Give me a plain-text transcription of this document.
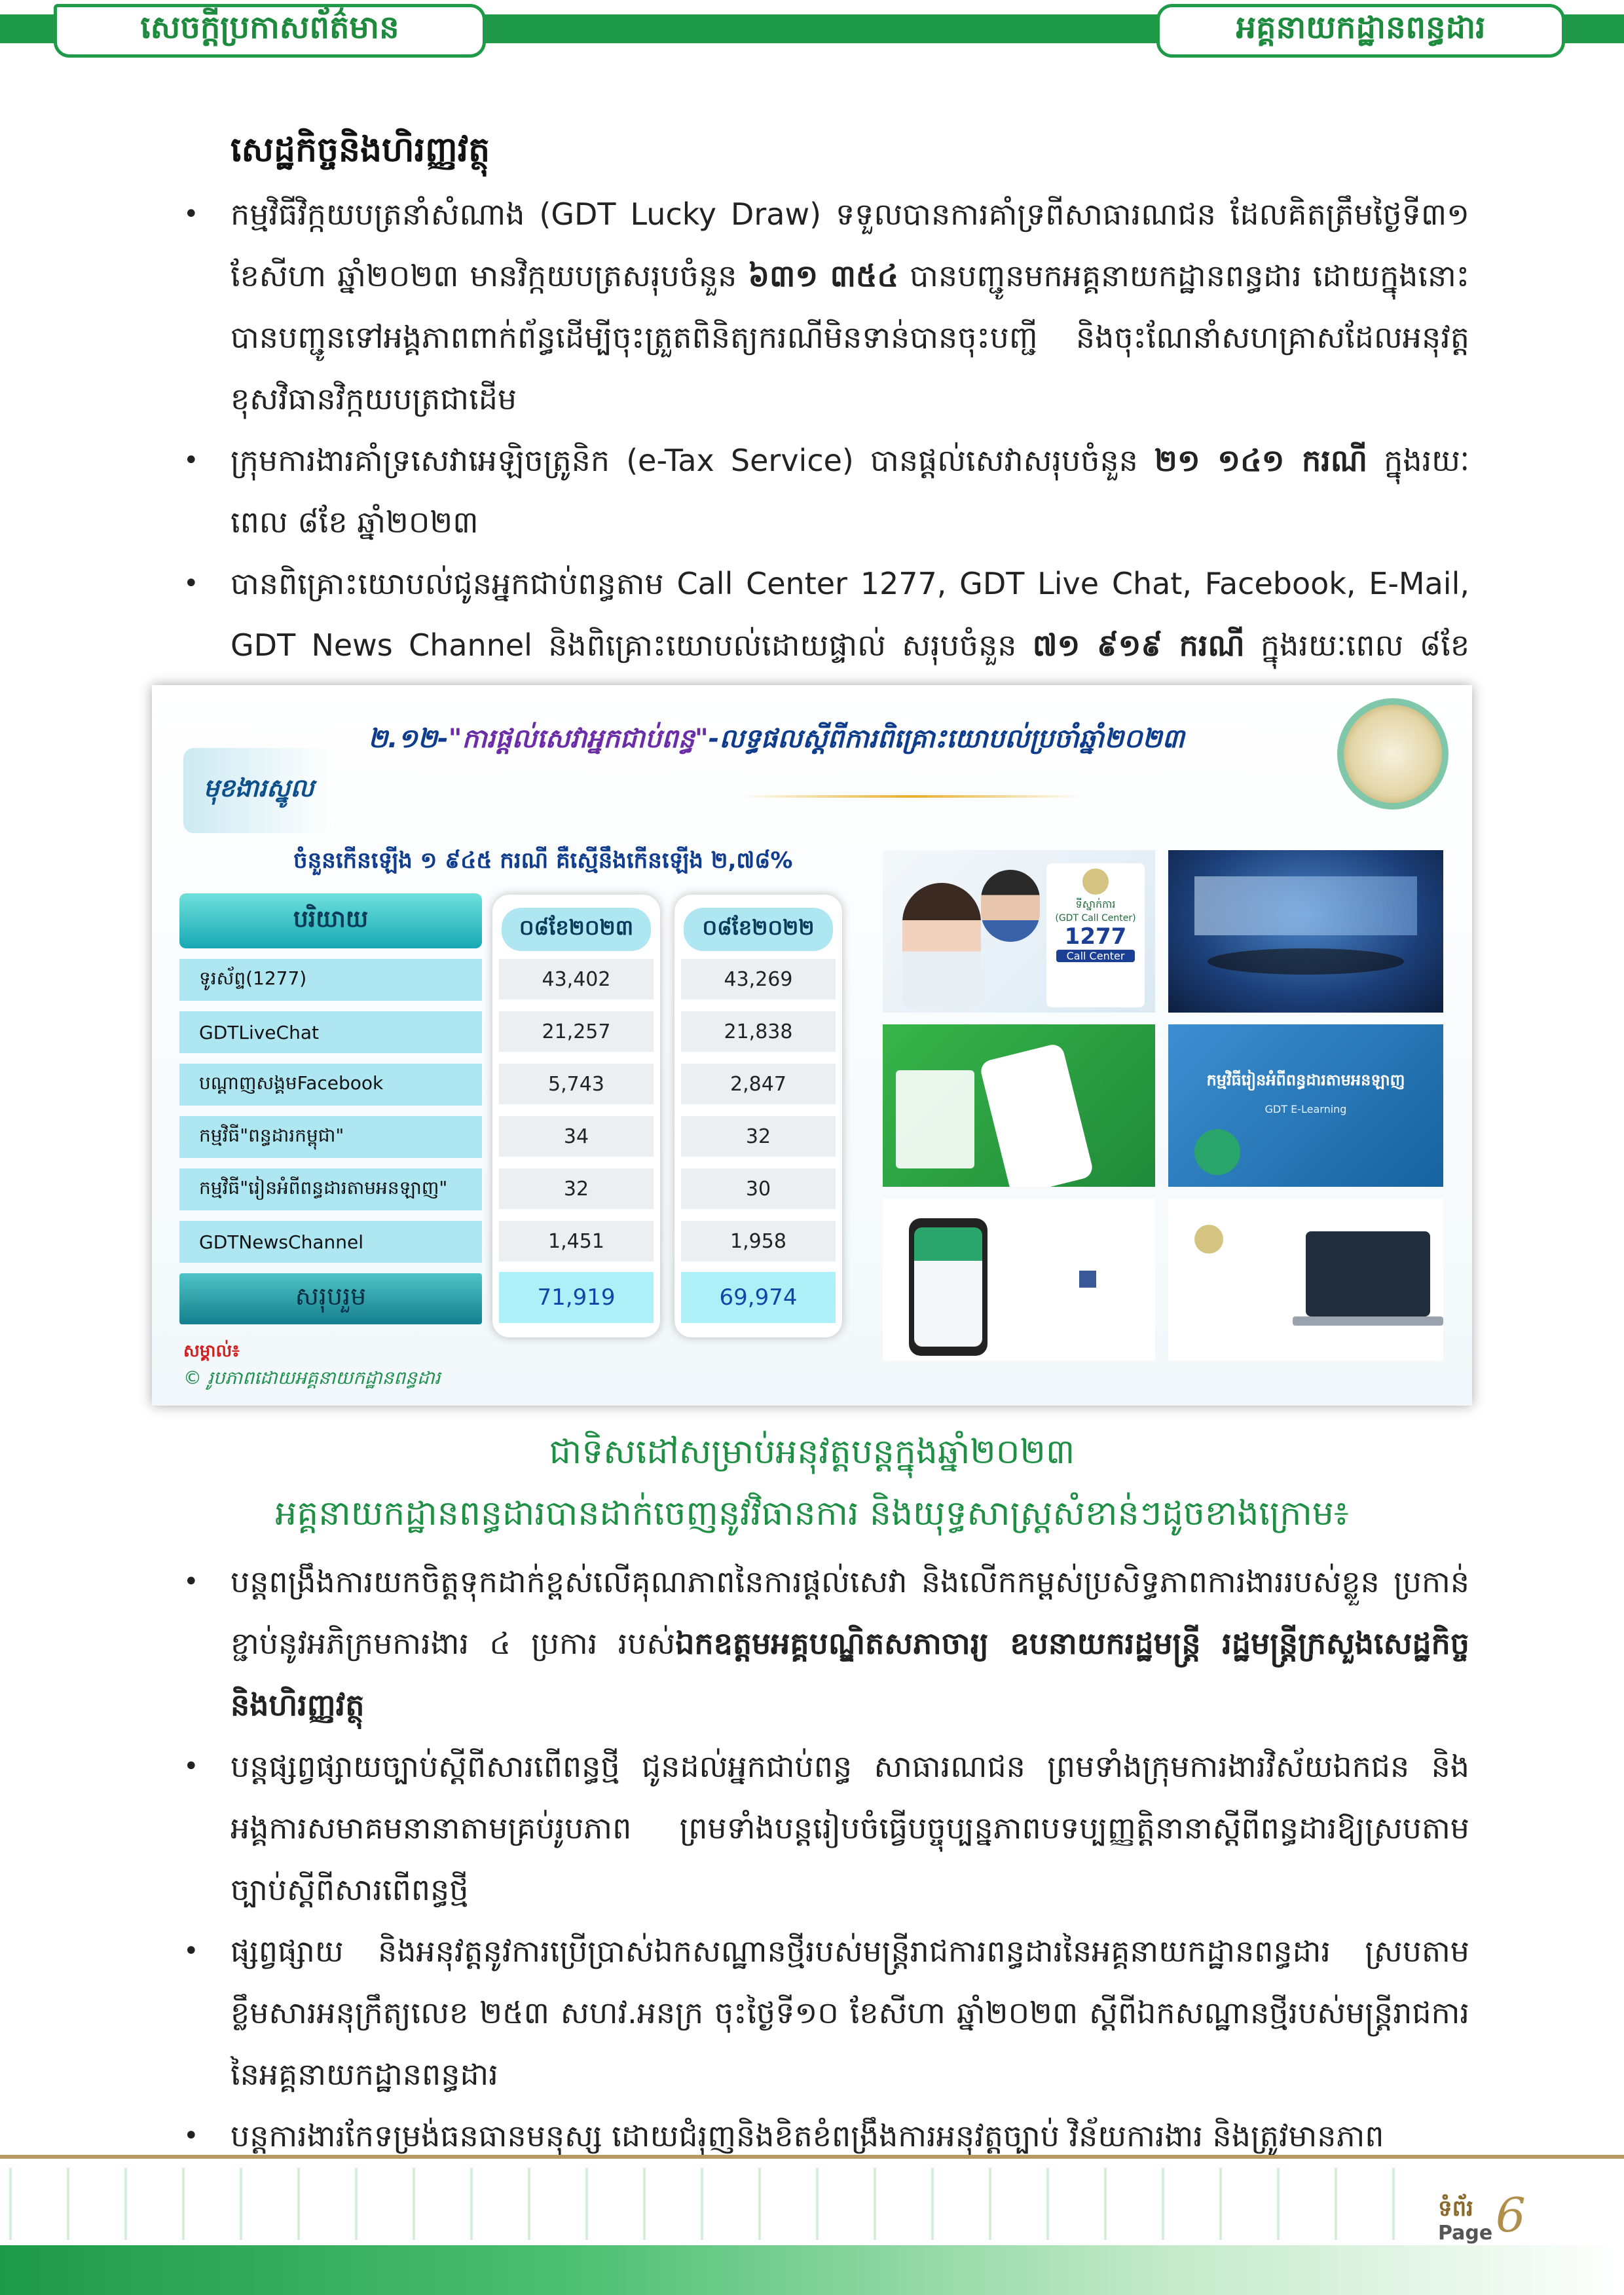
សេចក្តីប្រកាសព័ត៌មាន	អគ្គនាយកដ្ឋានពន្ធដារ
សេដ្ឋកិច្ចនិងហិរញ្ញវត្ថុ
• កម្មវិធីវិក្កយបត្រនាំសំណាង (GDT Lucky Draw) ទទួលបានការគាំទ្រពីសាធារណជន ដែលគិតត្រឹមថ្ងៃទី៣១ ខែសីហា ឆ្នាំ២០២៣ មានវិក្កយបត្រសរុបចំនួន ៦៣១ ៣៥៤ បានបញ្ជូនមកអគ្គនាយកដ្ឋានពន្ធដារ ដោយក្នុងនោះបានបញ្ជូនទៅអង្គភាពពាក់ព័ន្ធដើម្បីចុះត្រួតពិនិត្យករណីមិនទាន់បានចុះបញ្ជី និងចុះណែនាំសហគ្រាសដែលអនុវត្តខុសវិធានវិក្កយបត្រជាដើម
• ក្រុមការងារគាំទ្រសេវាអេឡិចត្រូនិក (e-Tax Service) បានផ្តល់សេវាសរុបចំនួន ២១ ១៤១ ករណី ក្នុងរយៈពេល ៨ខែ ឆ្នាំ២០២៣
• បានពិគ្រោះយោបល់ជូនអ្នកជាប់ពន្ធតាម Call Center 1277, GDT Live Chat, Facebook, E-Mail, GDT News Channel និងពិគ្រោះយោបល់ដោយផ្ទាល់ សរុបចំនួន ៧១ ៩១៩ ករណី ក្នុងរយៈពេល ៨ខែ
មុខងារស្នូល
២.១២-"ការផ្តល់សេវាអ្នកជាប់ពន្ធ"-លទ្ធផលស្តីពីការពិគ្រោះយោបល់ប្រចាំឆ្នាំ២០២៣
ចំនួនកើនឡើង ១ ៩៤៥ ករណី គឺស្មើនឹងកើនឡើង ២,៧៨%
បរិយាយ
ទូរស័ព្ទ(1277)
GDTLiveChat
បណ្តាញសង្គមFacebook
កម្មវិធី"ពន្ធដារកម្ពុជា"
កម្មវិធី"រៀនអំពីពន្ធដារតាមអនឡាញ"
GDTNewsChannel
សរុបរួម
០៨ខែ២០២៣
43,402
21,257
5,743
34
32
1,451
71,919
០៨ខែ២០២២
43,269
21,838
2,847
32
30
1,958
69,974
ទីស្នាក់ការ
(GDT Call Center)
1277
Call Center
កម្មវិធីរៀនអំពីពន្ធដារតាមអនឡាញ
GDT E-Learning
សម្គាល់៖
© រូបភាពដោយអគ្គនាយកដ្ឋានពន្ធដារ
ជាទិសដៅសម្រាប់អនុវត្តបន្តក្នុងឆ្នាំ២០២៣
អគ្គនាយកដ្ឋានពន្ធដារបានដាក់ចេញនូវវិធានការ និងយុទ្ធសាស្ត្រសំខាន់ៗដូចខាងក្រោម៖
• បន្តពង្រឹងការយកចិត្តទុកដាក់ខ្ពស់លើគុណភាពនៃការផ្តល់សេវា និងលើកកម្ពស់ប្រសិទ្ធភាពការងាររបស់ខ្លួន ប្រកាន់ខ្ជាប់នូវអភិក្រមការងារ ៤ ប្រការ របស់ឯកឧត្តមអគ្គបណ្ឌិតសភាចារ្យ ឧបនាយករដ្ឋមន្ត្រី រដ្ឋមន្ត្រីក្រសួងសេដ្ឋកិច្ចនិងហិរញ្ញវត្ថុ
• បន្តផ្សព្វផ្សាយច្បាប់ស្តីពីសារពើពន្ធថ្មី ជូនដល់អ្នកជាប់ពន្ធ សាធារណជន ព្រមទាំងក្រុមការងារវិស័យឯកជន និងអង្គការសមាគមនានាតាមគ្រប់រូបភាព ព្រមទាំងបន្តរៀបចំធ្វើបច្ចុប្បន្នភាពបទប្បញ្ញត្តិនានាស្តីពីពន្ធដារឱ្យស្របតាមច្បាប់ស្តីពីសារពើពន្ធថ្មី
• ផ្សព្វផ្សាយ និងអនុវត្តនូវការប្រើប្រាស់ឯកសណ្ឋានថ្មីរបស់មន្ត្រីរាជការពន្ធដារនៃអគ្គនាយកដ្ឋានពន្ធដារ ស្របតាមខ្លឹមសារអនុក្រឹត្យលេខ ២៥៣ សហវ.អនក្រ ចុះថ្ងៃទី១០ ខែសីហា ឆ្នាំ២០២៣ ស្តីពីឯកសណ្ឋានថ្មីរបស់មន្ត្រីរាជការនៃអគ្គនាយកដ្ឋានពន្ធដារ
• បន្តការងារកែទម្រង់ធនធានមនុស្ស ដោយជំរុញនិងខិតខំពង្រឹងការអនុវត្តច្បាប់ វិន័យការងារ និងត្រូវមានភាព
ទំព័រ
Page 6
